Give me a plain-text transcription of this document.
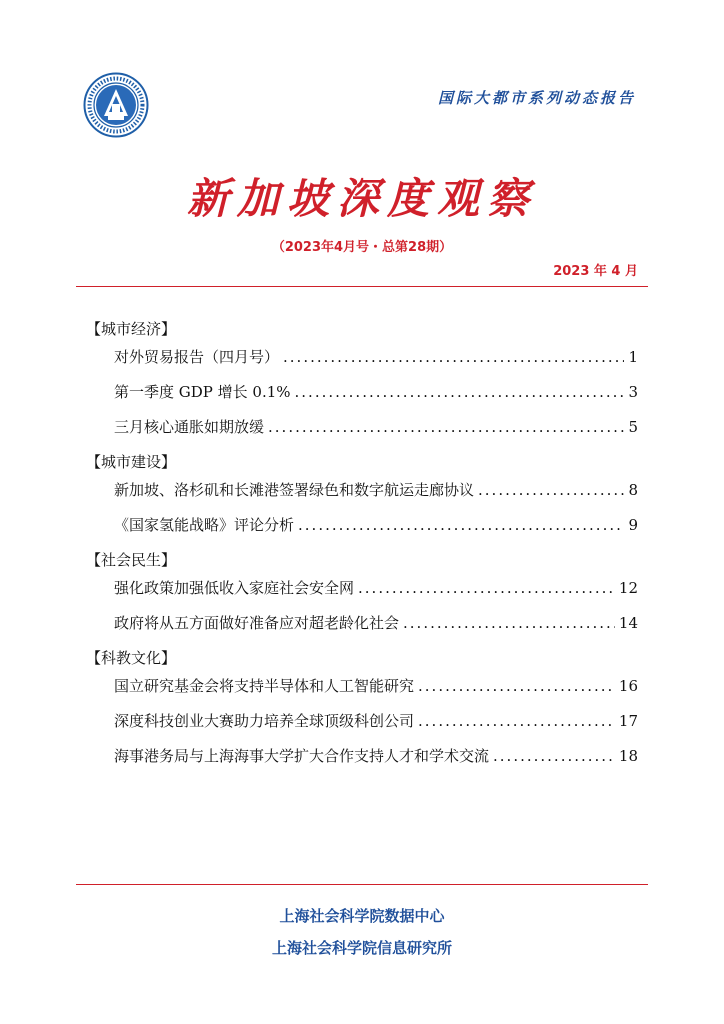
国际大都市系列动态报告
新加坡深度观察
（2023年4月号・总第28期）
2023 年 4 月
【城市经济】
对外贸易报告（四月号） .....	1
第一季度 GDP 增长 0.1% .....	3
三月核心通胀如期放缓 .....	5
【城市建设】
新加坡、洛杉矶和长滩港签署绿色和数字航运走廊协议 .....	8
《国家氢能战略》评论分析 .....	9
【社会民生】
强化政策加强低收入家庭社会安全网 .....	12
政府将从五方面做好准备应对超老龄化社会 .....	14
【科教文化】
国立研究基金会将支持半导体和人工智能研究 .....	16
深度科技创业大赛助力培养全球顶级科创公司 .....	17
海事港务局与上海海事大学扩大合作支持人才和学术交流 .....	18
上海社会科学院数据中心
上海社会科学院信息研究所
